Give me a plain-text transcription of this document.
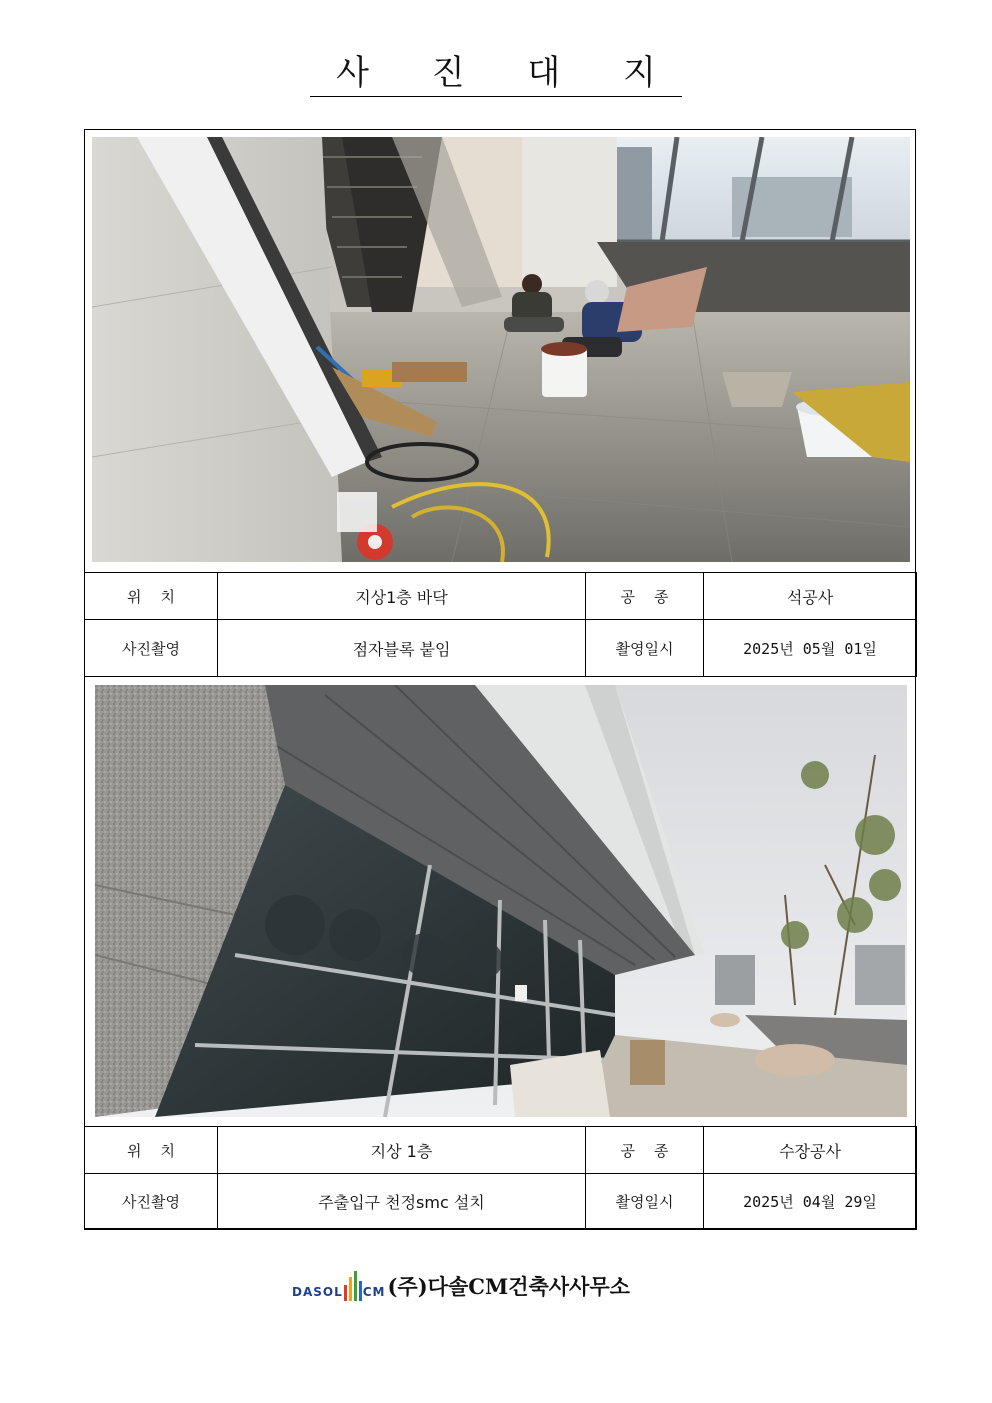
사 진 대 지
위    치	지상1층 바닥	공    종	석공사
사진촬영	점자블록 붙임	촬영일시	2025년 05월 01일
위    치	지상 1층	공    종	수장공사
사진촬영	주출입구 천정smc 설치	촬영일시	2025년 04월 29일
DASOL CM (주)다솔CM건축사사무소
